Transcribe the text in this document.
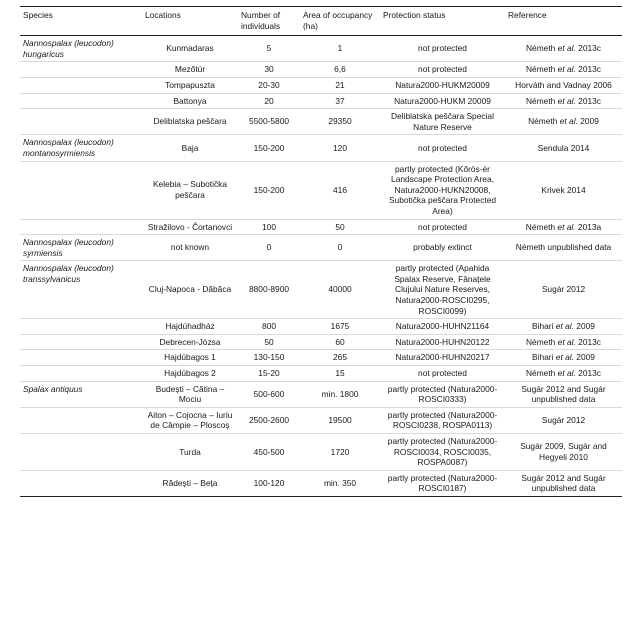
Species	Locations	Number of individuals	Area of occupancy (ha)	Protection status	Reference
Nannospalax (leucodon) hungaricus	Kunmadaras	5	1	not protected	Németh et al. 2013c
	Mezőtúr	30	6,6	not protected	Németh et al. 2013c
	Tompapuszta	20-30	21	Natura2000-HUKM20009	Horváth and Vadnay 2006
	Battonya	20	37	Natura2000-HUKM 20009	Németh et al. 2013c
	Deliblatska peščara	5500-5800	29350	Deliblatska peščara Special Nature Reserve	Németh et al. 2009
Nannospalax (leucodon) montanosyrmiensis	Baja	150-200	120	not protected	Sendula 2014
	Kelebia – Subotička peščara	150-200	416	partly protected (Kőrös-ér Landscape Protection Area, Natura2000-HUKN20008, Subotička peščara Protected Area)	Krivek 2014
	Stražilovo - Čortanovci	100	50	not protected	Németh et al. 2013a
Nannospalax (leucodon) syrmiensis	not known	0	0	probably extinct	Németh unpublished data
Nannospalax (leucodon) transsylvanicus	Cluj-Napoca - Dăbâca	8800-8900	40000	partly protected (Apahida Spalax Reserve, Fânațele Clujului Nature Reserves, Natura2000-ROSCI0295, ROSCI0099)	Sugár 2012
	Hajdúhadház	800	1675	Natura2000-HUHN21164	Bihari et al. 2009
	Debrecen-Józsa	50	60	Natura2000-HUHN20122	Németh et al. 2013c
	Hajdúbagos 1	130-150	265	Natura2000-HUHN20217	Bihari et al. 2009
	Hajdúbagos 2	15-20	15	not protected	Németh et al. 2013c
Spalax antiquus	Budești – Cătina – Mociu	500-600	min. 1800	partly protected (Natura2000-ROSCI0333)	Sugár 2012 and Sugár unpublished data
	Aiton – Cojocna – Iuriu de Câmpie – Ploscoș	2500-2600	19500	partly protected (Natura2000-ROSCI0238, ROSPA0113)	Sugár 2012
	Turda	450-500	1720	partly protected (Natura2000-ROSCI0034, ROSCI0035, ROSPA0087)	Sugár 2009, Sugár and Hegyeli 2010
	Rădești – Beța	100-120	min. 350	partly protected (Natura2000-ROSCI0187)	Sugár 2012 and Sugár unpublished data
